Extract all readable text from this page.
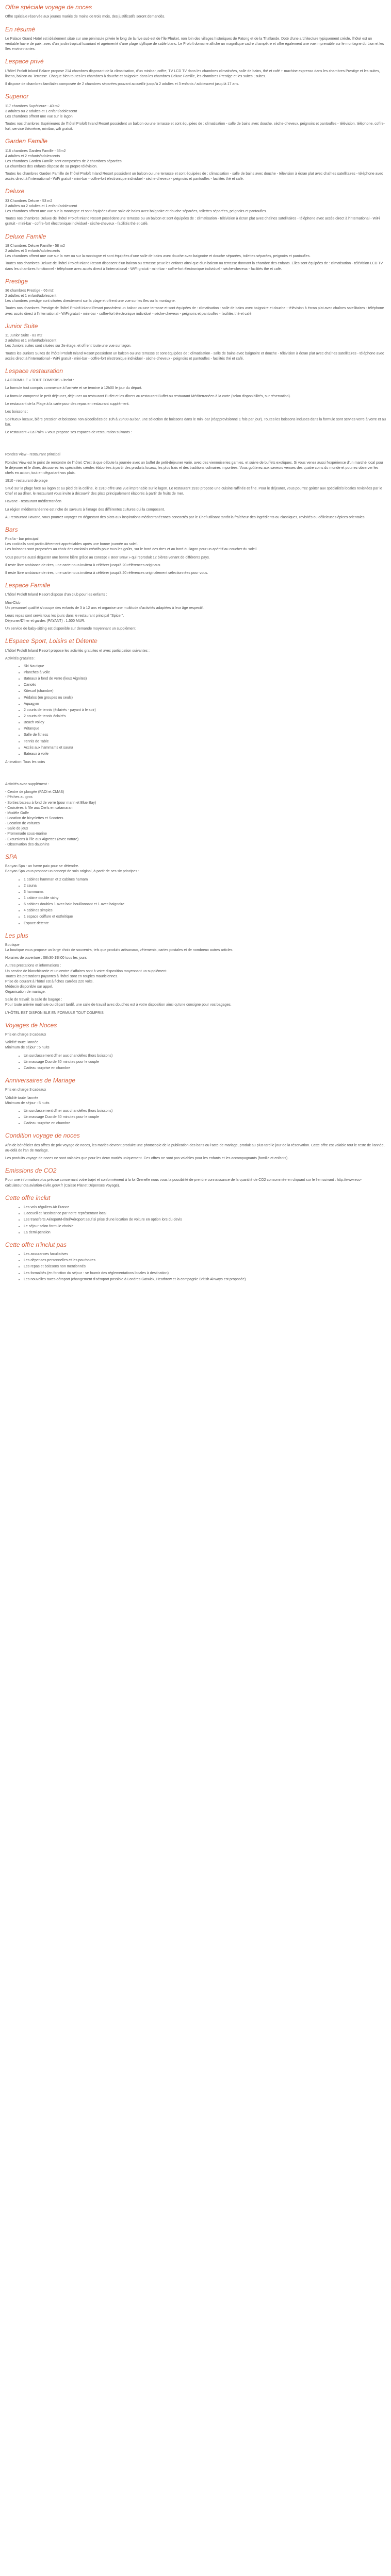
Offre spéciale voyage de noces

Offre spéciale réservée aux jeunes mariés de moins de trois mois, des justificatifs seront demandés.

En résumé

Le Palace Grand Hotel est idéalement situé sur une péninsule privée le long de la rive sud-est de l'île Phuket, non loin des villages historiques de Patong et de la Thaïlande. Doté d'une architecture typiquement créole, l'hôtel est un véritable havre de paix, avec d'un jardin tropical luxuriant et agrémenté d'une plage idyllique de sable blanc. Le Proloft domaine affiche un magnifique cadre champêtre et offre également une vue imprenable sur le montagne du Lion et les îles environnantes.

Lespace privé

L'hôtel Proloft Inland Palace propose 214 chambres disposant de la climatisation, d'un minibar, coffre, TV LCD TV dans les chambres climatisées, salle de bains, thé et café + machine expresso dans les chambres Prestige et les suites, linens, balcon ou Terrasse. Chaque bien toutes les chambres à douche et baignoire dans les chambres Deluxe Famille, les chambres Prestige et les suites ; suites.

Il dispose de chambres familiales composée de 2 chambres séparées pouvant accueillir jusqu'à 2 adultes et 3 enfants / adolescent jusqu'à 17 ans.

Superior

117 chambres Supérieure - 40 m2

3 adultes ou 2 adultes et 1 enfant/adolescent

Les chambres offrent une vue sur le lagon.

Toutes nos chambres Supérieures de l'hôtel Proloft Inland Resort possèdent un balcon ou une terrasse et sont équipées de : climatisation - salle de bains avec douche, sèche-cheveux, peignoirs et pantoufles - télévision, téléphone, coffre-fort, service théorème, minibar, wifi gratuit.

Garden Famille

116 chambres Garden Famille - 53m2

4 adultes et 2 enfants/adolescents

Les chambres Garden Famille sont composées de 2 chambres séparées

La chambres des enfants dispose de sa propre télévision.

Toutes les chambres Garden Famille de l'hôtel Proloft Inland Resort possèdent un balcon ou une terrasse et sont équipées de : climatisation - salle de bains avec douche - télévision à écran plat avec chaînes satellitaires - téléphone avec accès direct à l'international - WiFi gratuit - mini-bar - coffre-fort électronique individuel - sèche-cheveux - peignoirs et pantoufles - facilités thé et café.

Deluxe

33 Chambres Deluxe - 53 m2

3 adultes ou 2 adultes et 1 enfant/adolescent

Les chambres offrent une vue sur la montagne et sont équipées d'une salle de bains avec baignoire et douche séparées, toilettes séparées, peignoirs et pantoufles.

Toutes nos chambres Deluxe de l'hôtel Proloft Inland Resort possèdent une terrasse ou un balcon et sont équipées de : climatisation - télévision à écran plat avec chaînes satellitaires - téléphone avec accès direct à l'international - WiFi gratuit - mini-bar - coffre-fort électronique individuel - sèche-cheveux - facilités thé et café.

Deluxe Famille

18 Chambres Deluxe Famille - 58 m2

2 adultes et 3 enfants/adolescents

Les chambres offrent une vue sur la mer ou sur la montagne et sont équipées d'une salle de bains avec douche avec baignoire et douche séparées, toilettes séparées, peignoirs et pantoufles.

Toutes nos chambres Deluxe de l'hôtel Proloft Inland Resort disposent d'un balcon ou terrasse peux les enfants ainsi que d'un balcon ou terrasse donnant la chambre des enfants. Elles sont équipées de : climatisation - télévision LCD TV dans les chambres fonctionnel - téléphone avec accès direct à l'international - WiFi gratuit - mini-bar - coffre-fort électronique individuel - sèche-cheveux - facilités thé et café.

Prestige

36 chambres Prestige - 66 m2

2 adultes et 1 enfant/adolescent

Les chambres prestige sont situées directement sur la plage et offrent une vue sur les îles ou la montagne.

Toutes nos chambres Prestige de l'hôtel Proloft Inland Resort possèdent un balcon ou une terrasse et sont équipées de : climatisation - salle de bains avec baignoire et douche - télévision à écran plat avec chaînes satellitaires - téléphone avec accès direct à l'international - WiFi gratuit - mini-bar - coffre-fort électronique individuel - sèche-cheveux - peignoirs et pantoufles - facilités thé et café.

Junior Suite

11 Junior Suite - 83 m2

2 adultes et 1 enfant/adolescent

Les Juniors suites sont situées sur 2e étage, et offrent toute une vue sur lagon.

Toutes les Juniors Suites de l'hôtel Proloft Inland Resort possèdent un balcon ou une terrasse et sont équipées de : climatisation - salle de bains avec baignoire et douche - télévision à écran plat avec chaînes satellitaires - téléphone avec accès direct à l'international - WiFi gratuit - mini-bar - coffre-fort électronique individuel - sèche-cheveux - peignoirs et pantoufles - facilités thé et café.

Lespace restauration

LA FORMULE « TOUT COMPRIS » inclut :

La formule tout compris commence à l'arrivée et se termine à 12h00 le jour du départ.

La formule comprend le petit déjeuner, déjeuner au restaurant Buffet et les dîners au restaurant Buffet ou restaurant Méditerranéen à la carte (selon disponibilités, sur réservation).

Le restaurant de la Plage à la carte pour des repas en restaurant supplément.

Les boissons :

Spiritueux locaux, bière pression et boissons non alcoolisées de 10h à 23h00 au bar, une sélection de boissons dans le mini-bar (réapprovisionné 1 fois par jour). Toutes les boissons incluses dans la formule sont servies verre à verre et au bar.

Le restaurant « La Palm » vous propose ses espaces de restauration suivants :

Rondes View - restaurant principal

Rondes View est le point de rencontre de l'hôtel. C'est là que débute la journée avec un buffet de petit-déjeuner varié, avec des viennoiseries garnies, et suivie de buffets exotiques. Si vous venez aussi l'expérience d'un marché local pour le déjeuner et le dîner, découvrez les spécialités créoles élaborées à partir des produits locaux, les plus frais et des traditions culinaires importées. Vous goûterez aux saveurs venues des quatre coins du monde et pourrez observer les chefs en action, tout en dégustant vos plats.

1910 - restaurant de plage

Situé sur la plage face au lagon et au pied de la colline, le 1910 offre une vue imprenable sur le lagon. Le restaurant 1910 propose une cuisine raffinée et fine. Pour le déjeuner, vous pourrez goûter aux spécialités locales revisitées par le Chef et au dîner, le restaurant vous invite à découvrir des plats principalement élaborés à partir de fruits de mer.

Havane - restaurant méditerranéen

La région méditerranéenne est riche de saveurs à l'image des différentes cultures qui la composent.

Au restaurant Havane, vous pourrez voyager en dégustant des plats aux inspirations méditerranéennes concoctés par le Chef utilisant tantôt la fraîcheur des ingrédients ou classiques, revisités ou délicieuses épices orientales.

Bars

Piraña - bar principal

Les cocktails sont particulièrement appréciables après une bonne journée au soleil.

Les boissons sont proposées au choix des cocktails créatifs pour tous les goûts, sur le bord des rires et au bord du lagon pour un apéritif au coucher du soleil.

Vous pourrez aussi déguster une bonne bière grâce au concept « Beer Brew » qui reproduit 12 bières venant de différents pays.

Il reste libre ambiance de rires, une carte nous invitera à célébrer jusqu'à 20 références originaux.

Il reste libre ambiance de rires, une carte nous invitera à célébrer jusqu'à 20 références originalement sélectionnées pour vous.

Lespace Famille

L'hôtel Proloft Inland Resort dispose d'un club pour les enfants :

Mini-Club

Un personnel qualifié s'occupe des enfants de 3 à 12 ans et organise une multitude d'activités adaptées à leur âge respectif.

Leurs repas sont servis tous les jours dans le restaurant principal "Spicer".

Déjeuner/Dîner et gardes (PAYANT) : 1.500 MUR.

Un service de baby-sitting est disponible sur demande moyennant un supplément.

LEspace Sport, Loisirs et Détente

L'hôtel Proloft Inland Resort propose les activités gratuites et avec participation suivantes :

Activités gratuites :

• Ski Nautique
• Planches à voile
• Bateaux à fond de verre (lieux Aignites)
• Canoës
• Kitesurf (chambre)
• Pédalos (en groupes ou seuls)
• Aquagym
• 2 courts de tennis (éclairés - payant à le soir)
• 2 courts de tennis éclairés
• Beach volley
• Pétanque
• Salle de fitness
• Tennis de Table
• Accès aux hammams et sauna
• Bateaux à voile

Animation: Tous les soirs

Activités avec supplément :

- Centre de plongée (PADI et CMAS)

- Pêches au gros

- Sorties bateau à fond de verre (pour marin et Blue Bay)

- Croisières à l'île aux Cerfs en catamaran

- Modèle Golfe

- Location de bicyclettes et Scooters

- Location de voitures

- Salle de jeux

- Promenade sous-marine

- Excursions à l'île aux Aigrettes (avec nature)

- Observation des dauphins

SPA

Banyan Spa - un havre paix pour se détendre.

Banyan Spa vous propose un concept de soin original, à partir de ses six principes :

• 1 cabines hamman et 2 cabines hamam
• 2 sauna
• 3 hammams
• 1 cabine double vichy
• 6 cabines doubles 1 avec bain bouillonnant et 1 avec baignoire
• 4 cabines simples
• 1 espace coiffure et esthétique
• Espace détente
Les plus

Boutique

La boutique vous propose un large choix de souvenirs, tels que produits artisanaux, vêtements, cartes postales et de nombreux autres articles.

Horaires de ouverture : 08h30-19h00 tous les jours

Autres prestations et informations :

Un service de blanchisserie et un centre d'affaires sont à votre disposition moyennant un supplément.

Toutes les prestations payantes à l'hôtel sont en roupies mauriciennes.

Prise de courant à l'hôtel est à fiches carrées 220 volts.

Médecin disponible sur appel.

Organisation de mariage.

Salle de travail: la salle de bagage :

Pour toute arrivée matinale ou départ tardif, une salle de travail avec douches est à votre disposition ainsi qu'une consigne pour vos bagages.

L'HÔTEL EST DISPONIBLE EN FORMULE TOUT COMPRIS

Voyages de Noces

Pris en charge 3 cadeaux

Validité toute l'année

Minimum de séjour : 5 nuits

• Un surclassement dîner aux chandelles (hors boissons)
• Un massage Duo de 30 minutes pour le couple
• Cadeau surprise en chambre
Anniversaires de Mariage

Pris en charge 3 cadeaux

Validité toute l'année

Minimum de séjour : 5 nuits

• Un surclassement dîner aux chandelles (hors boissons)
• Un massage Duo de 30 minutes pour le couple
• Cadeau surprise en chambre
Condition voyage de noces

Afin de bénéficier des offres de prix voyage de noces, les mariés devront produire une photocopie de la publication des bans ou l'acte de mariage, produit au plus tard le jour de la réservation. Cette offre est valable tout le reste de l'année, au-delà de l'an de mariage.

Les produits voyage de noces ne sont valables que pour les deux mariés uniquement. Ces offres ne sont pas valables pour les enfants et les accompagnants (famille et enfants).

Emissions de CO2

Pour une information plus précise concernant votre trajet et conformément à la loi Grenelle nous vous la possibilité de prendre connaissance de la quantité de CO2 consommée en cliquant sur le lien suivant : http://www.eco-calculateur.dta.aviation-civile.gouv.fr (Caisse Planet Dépenses Voyage).

Cette offre inclut
• Les vols réguliers Air France
• L'accueil et l'assistance par notre représentant local
• Les transferts Aéroport/Hôtel/Aéroport sauf si prise d'une location de voiture en option lors du devis
• Le séjour selon formule choisie
• La demi-pension
Cette offre n'inclut pas
• Les assurances facultatives
• Les dépenses personnelles et les pourboires
• Les repas et boissons non mentionnés
• Les formalités (en fonction du séjour - se fournir des réglementations locales à destination)
• Les nouvelles taxes aéroport (changement d'aéroport possible à Londres Gatwick, Heathrow et la compagnie British Airways est proposée)
